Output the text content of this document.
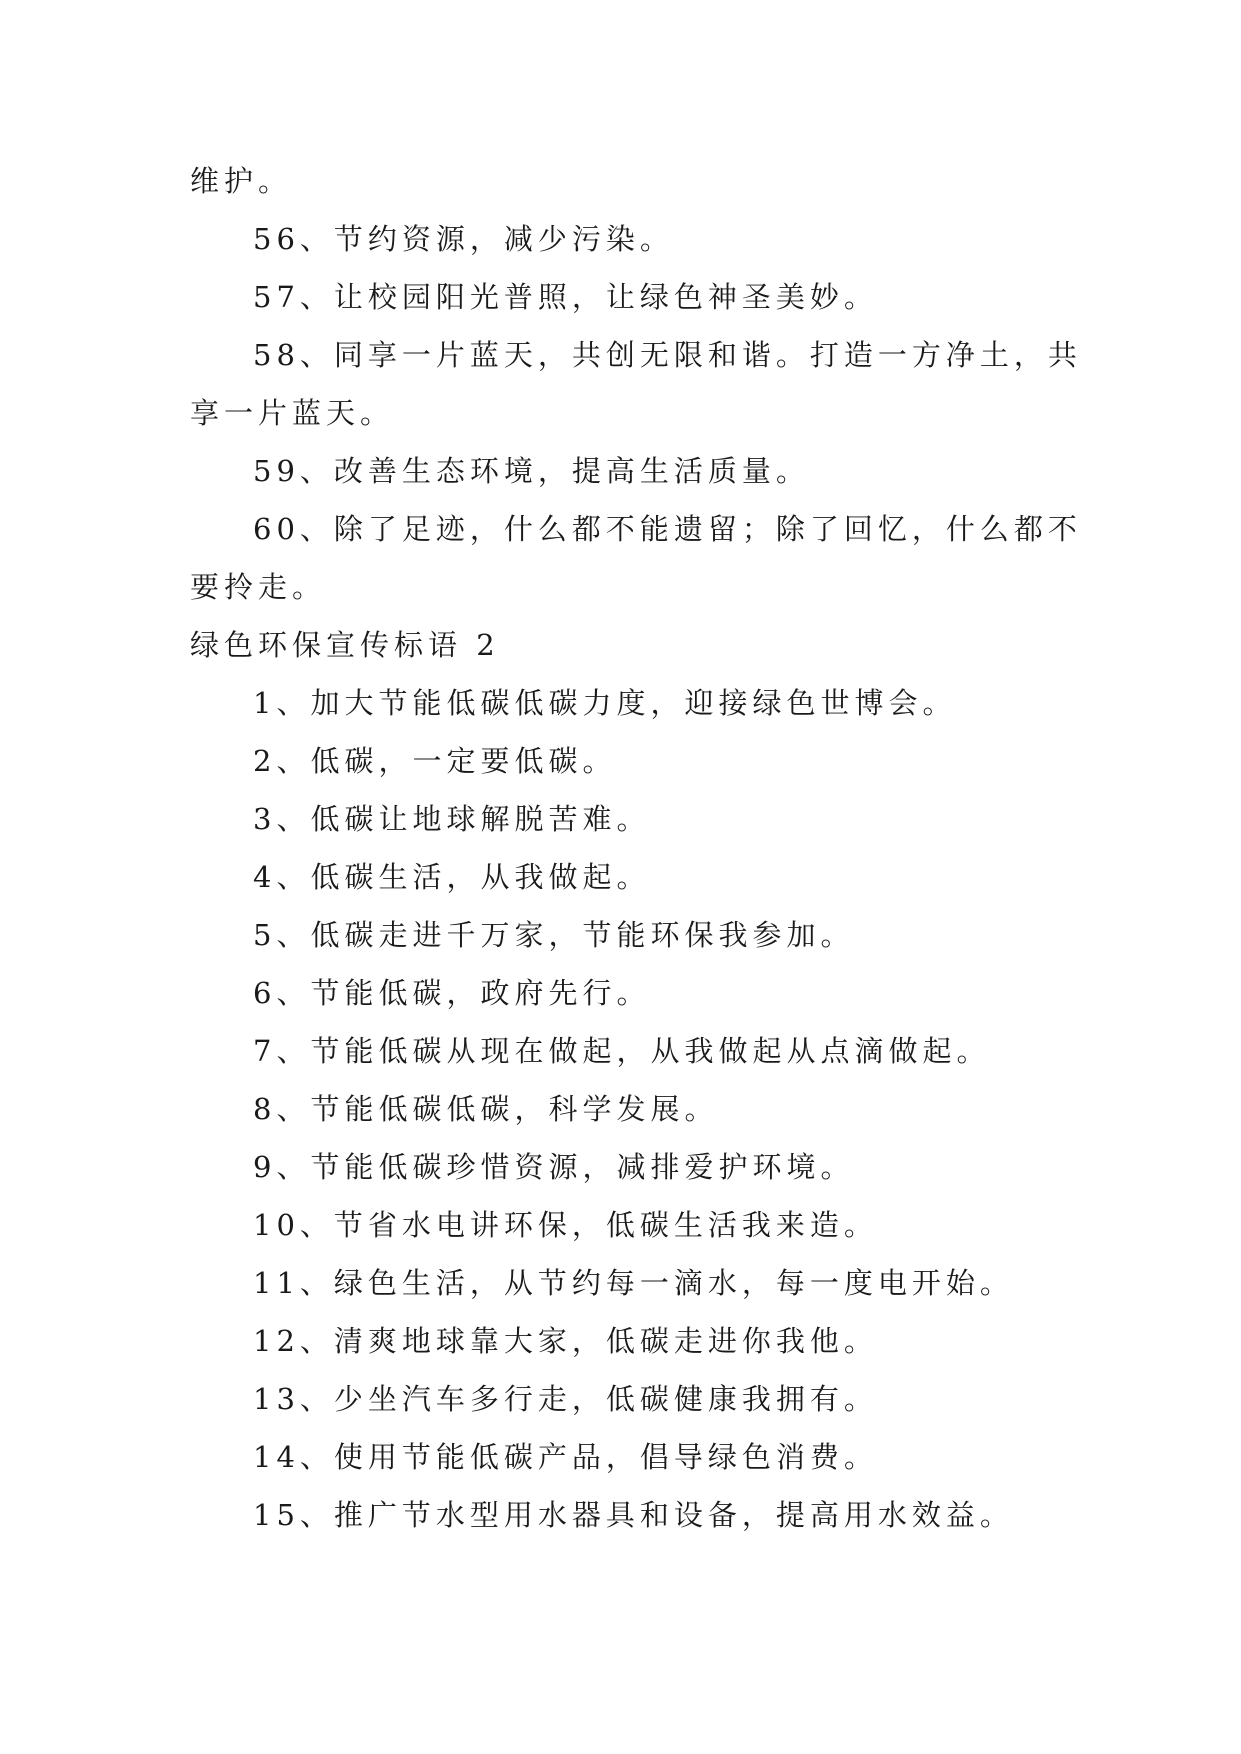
维护。

56、节约资源，减少污染。

57、让校园阳光普照，让绿色神圣美妙。

58、同享一片蓝天，共创无限和谐。打造一方净土，共

享一片蓝天。

59、改善生态环境，提高生活质量。

60、除了足迹，什么都不能遗留；除了回忆，什么都不

要拎走。

绿色环保宣传标语 2

1、加大节能低碳低碳力度，迎接绿色世博会。

2、低碳，一定要低碳。

3、低碳让地球解脱苦难。

4、低碳生活，从我做起。

5、低碳走进千万家，节能环保我参加。

6、节能低碳，政府先行。

7、节能低碳从现在做起，从我做起从点滴做起。

8、节能低碳低碳，科学发展。

9、节能低碳珍惜资源，减排爱护环境。

10、节省水电讲环保，低碳生活我来造。

11、绿色生活，从节约每一滴水，每一度电开始。

12、清爽地球靠大家，低碳走进你我他。

13、少坐汽车多行走，低碳健康我拥有。

14、使用节能低碳产品，倡导绿色消费。

15、推广节水型用水器具和设备，提高用水效益。
